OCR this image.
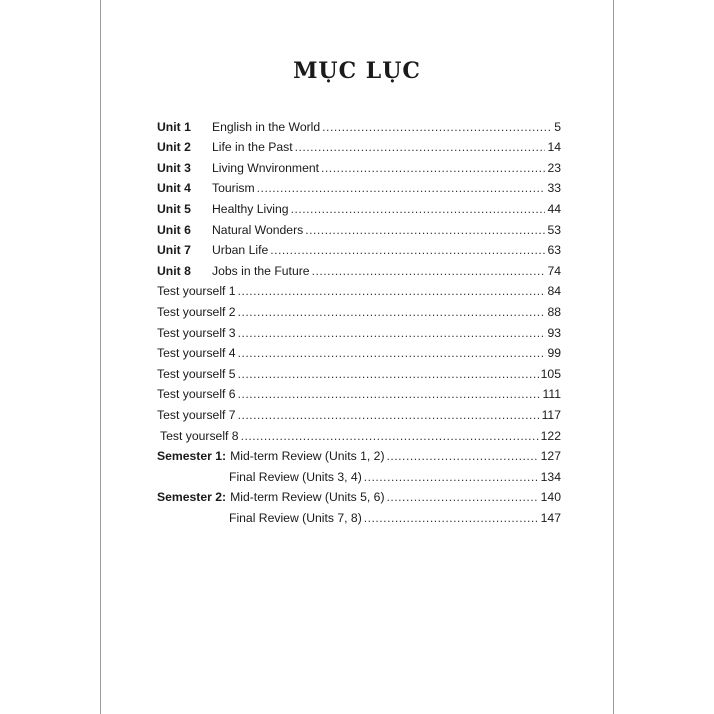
MỤC LỤC
Unit 1	English in the World .....	5
Unit 2	Life in the Past .....	14
Unit 3	Living Wnvironment .....	23
Unit 4	Tourism .....	33
Unit 5	Healthy Living .....	44
Unit 6	Natural Wonders .....	53
Unit 7	Urban Life .....	63
Unit 8	Jobs in the Future .....	74
Test yourself 1 .....	84
Test yourself 2 .....	88
Test yourself 3 .....	93
Test yourself 4 .....	99
Test yourself 5 .....	105
Test yourself 6 .....	111
Test yourself 7 .....	117
Test yourself 8 .....	122
Semester 1: Mid-term Review (Units 1, 2) .....	127
Final Review (Units 3, 4) .....	134
Semester 2: Mid-term Review (Units 5, 6) .....	140
Final Review (Units 7, 8) .....	147
